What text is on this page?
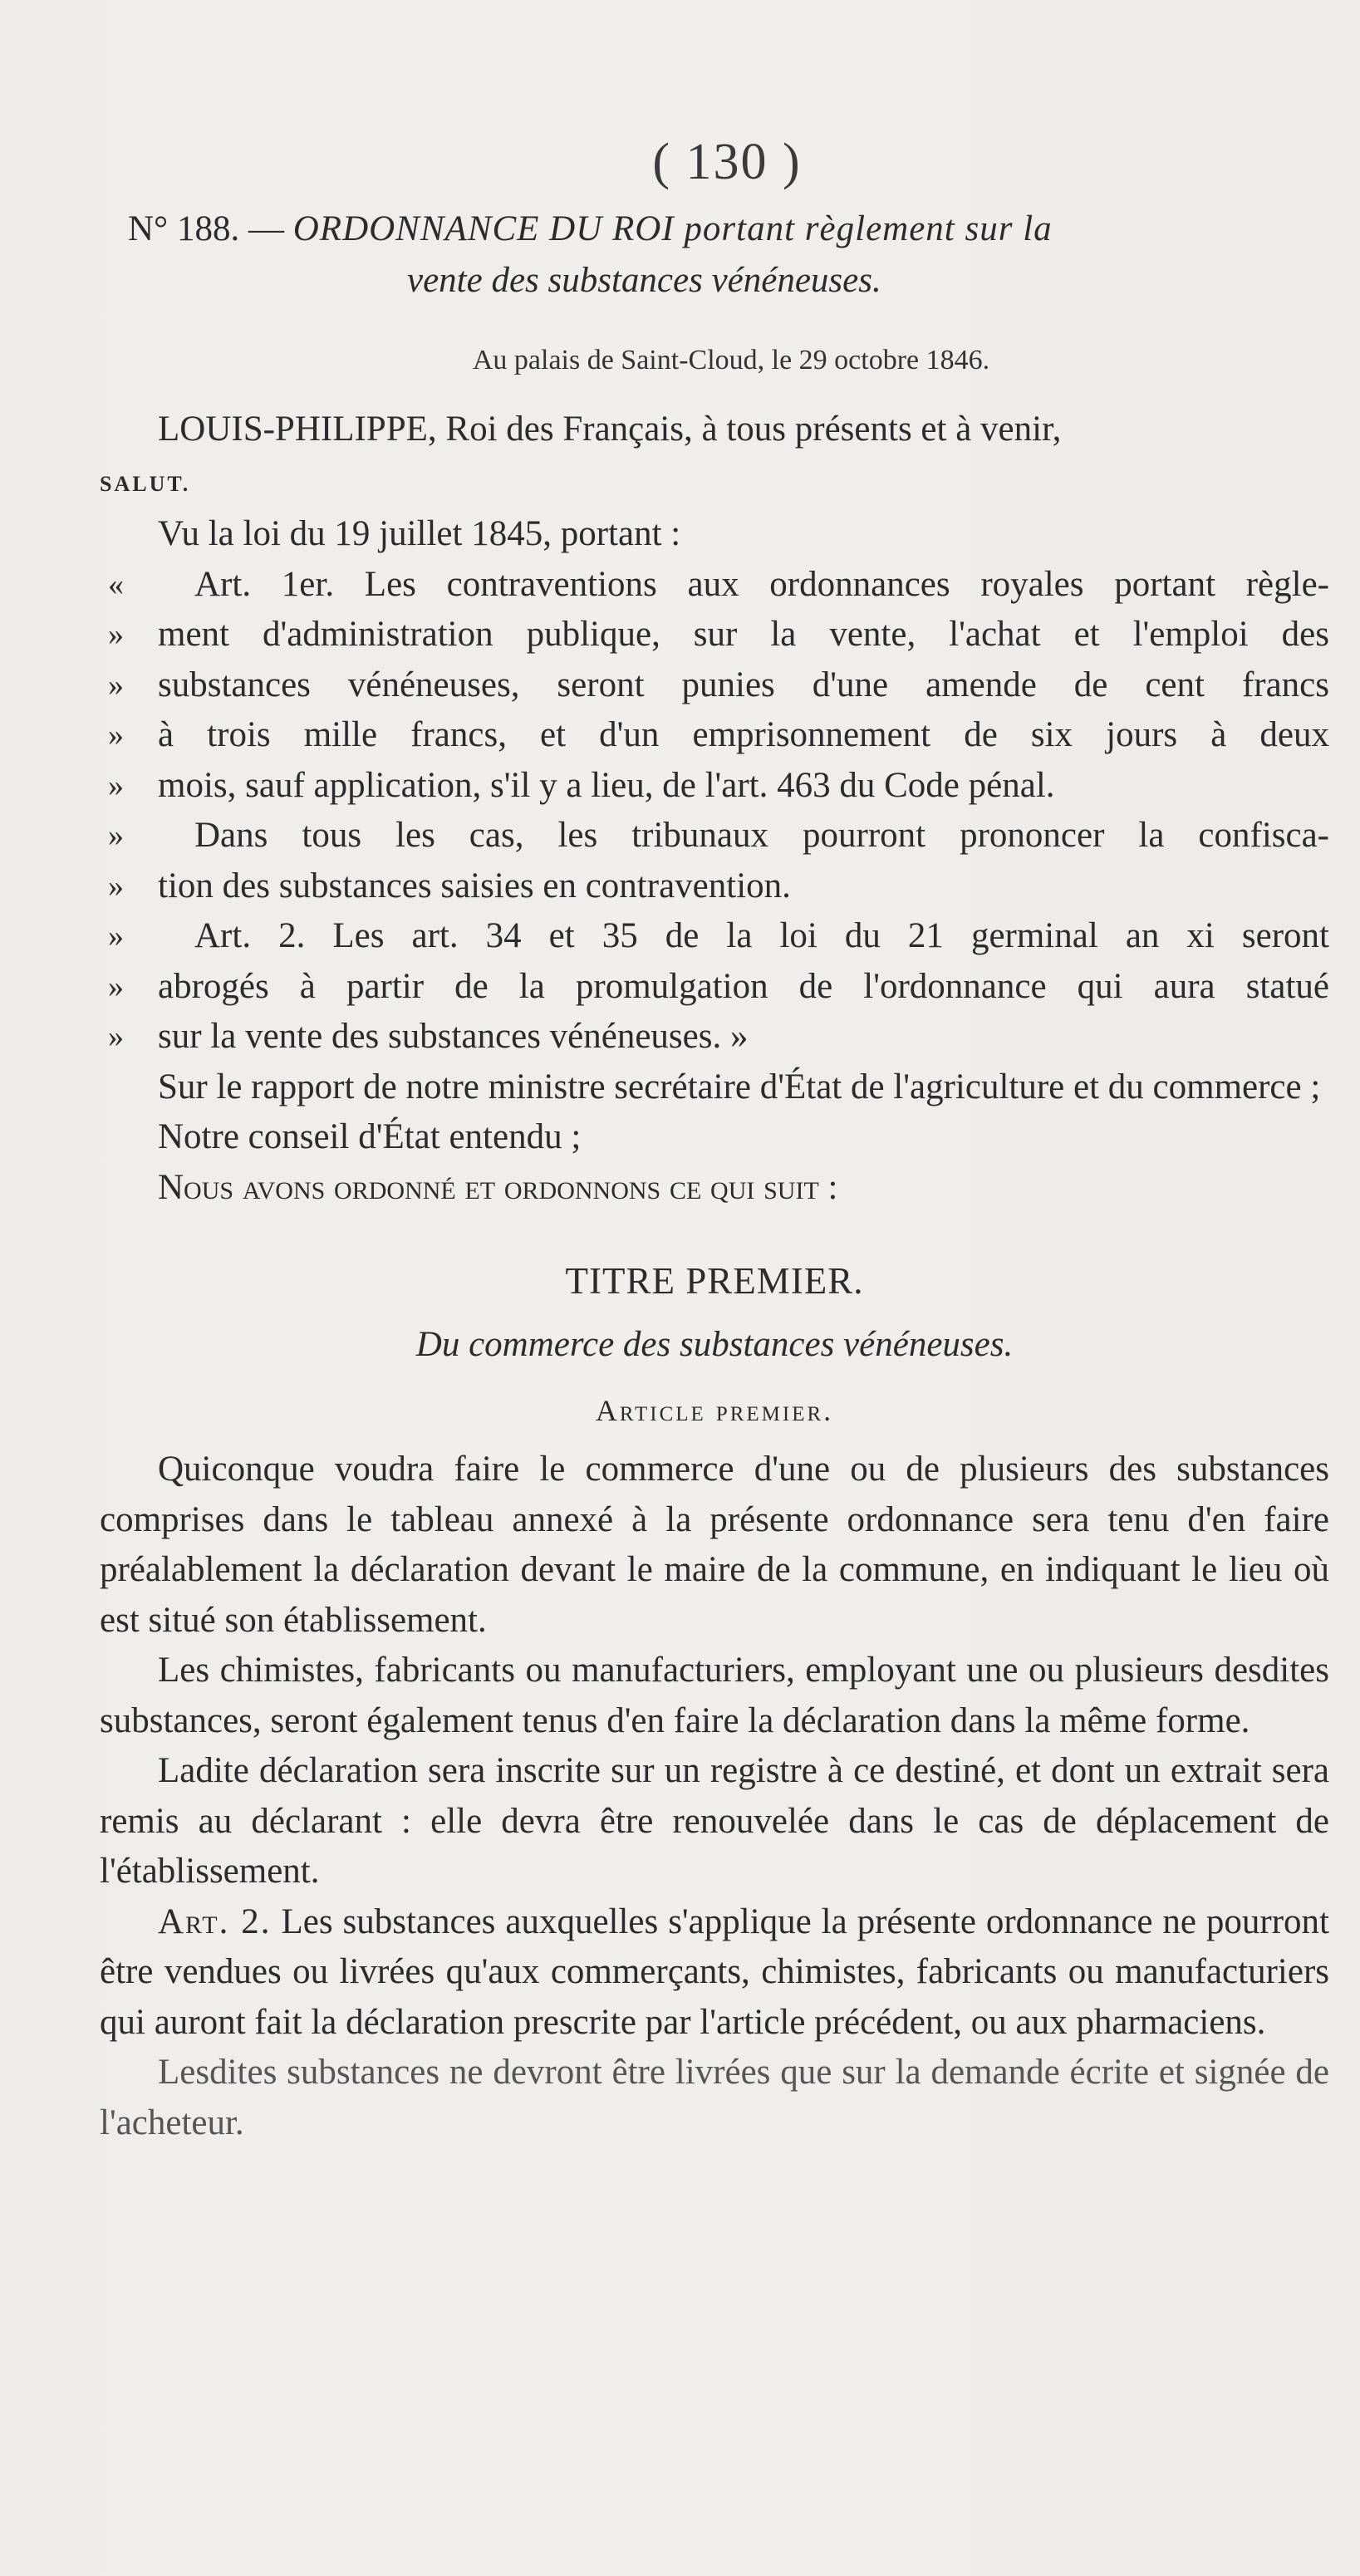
( 130 )
N° 188. — ORDONNANCE DU ROI portant règlement sur la
vente des substances vénéneuses.
Au palais de Saint-Cloud, le 29 octobre 1846.

LOUIS-PHILIPPE, Roi des Français, à tous présents et à venir,
SALUT.

Vu la loi du 19 juillet 1845, portant :

« Art. 1er. Les contraventions aux ordonnances royales portant règle-

» ment d'administration publique, sur la vente, l'achat et l'emploi des

» substances vénéneuses, seront punies d'une amende de cent francs

» à trois mille francs, et d'un emprisonnement de six jours à deux

» mois, sauf application, s'il y a lieu, de l'art. 463 du Code pénal.

» Dans tous les cas, les tribunaux pourront prononcer la confisca-

» tion des substances saisies en contravention.

» Art. 2. Les art. 34 et 35 de la loi du 21 germinal an xi seront

» abrogés à partir de la promulgation de l'ordonnance qui aura statué

» sur la vente des substances vénéneuses. »

Sur le rapport de notre ministre secrétaire d'État de l'agriculture et du commerce ;

Notre conseil d'État entendu ;

Nous avons ordonné et ordonnons ce qui suit :

TITRE PREMIER.
Du commerce des substances vénéneuses.
Article premier.

Quiconque voudra faire le commerce d'une ou de plusieurs des substances comprises dans le tableau annexé à la présente ordonnance sera tenu d'en faire préalablement la déclaration devant le maire de la commune, en indiquant le lieu où est situé son établissement.

Les chimistes, fabricants ou manufacturiers, employant une ou plusieurs desdites substances, seront également tenus d'en faire la déclaration dans la même forme.

Ladite déclaration sera inscrite sur un registre à ce destiné, et dont un extrait sera remis au déclarant : elle devra être renouvelée dans le cas de déplacement de l'établissement.

Art. 2. Les substances auxquelles s'applique la présente ordonnance ne pourront être vendues ou livrées qu'aux commerçants, chimistes, fabricants ou manufacturiers qui auront fait la déclaration prescrite par l'article précédent, ou aux pharmaciens.

Lesdites substances ne devront être livrées que sur la demande écrite et signée de l'acheteur.
